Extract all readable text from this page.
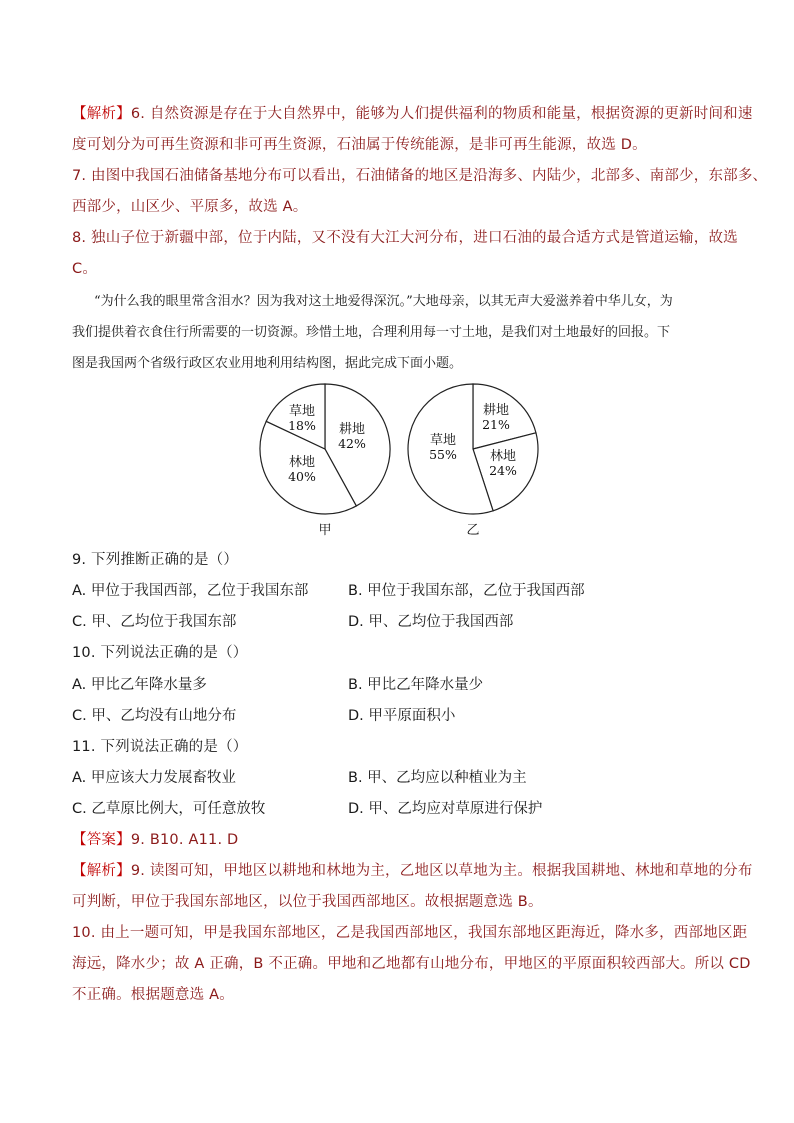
【解析】6. 自然资源是存在于大自然界中，能够为人们提供福利的物质和能量，根据资源的更新时间和速
度可划分为可再生资源和非可再生资源，石油属于传统能源，是非可再生能源，故选 D。
7. 由图中我国石油储备基地分布可以看出，石油储备的地区是沿海多、内陆少，北部多、南部少，东部多、
西部少，山区少、平原多，故选 A。
8. 独山子位于新疆中部，位于内陆，又不没有大江大河分布，进口石油的最合适方式是管道运输，故选
C。
“为什么我的眼里常含泪水？因为我对这土地爱得深沉。”大地母亲，以其无声大爱滋养着中华儿女，为
我们提供着衣食住行所需要的一切资源。珍惜土地，合理利用每一寸土地，是我们对土地最好的回报。下
图是我国两个省级行政区农业用地利用结构图，据此完成下面小题。
耕地
42%
林地
40%
草地
18%
甲
耕地
21%
林地
24%
草地
55%
乙
9. 下列推断正确的是（）
A. 甲位于我国西部，乙位于我国东部	B. 甲位于我国东部，乙位于我国西部
C. 甲、乙均位于我国东部	D. 甲、乙均位于我国西部
10. 下列说法正确的是（）
A. 甲比乙年降水量多	B. 甲比乙年降水量少
C. 甲、乙均没有山地分布	D. 甲平原面积小
11. 下列说法正确的是（）
A. 甲应该大力发展畜牧业	B. 甲、乙均应以种植业为主
C. 乙草原比例大，可任意放牧	D. 甲、乙均应对草原进行保护
【答案】9. B10. A11. D
【解析】9. 读图可知，甲地区以耕地和林地为主，乙地区以草地为主。根据我国耕地、林地和草地的分布
可判断，甲位于我国东部地区，以位于我国西部地区。故根据题意选 B。
10. 由上一题可知，甲是我国东部地区，乙是我国西部地区，我国东部地区距海近，降水多，西部地区距
海远，降水少；故 A 正确，B 不正确。甲地和乙地都有山地分布，甲地区的平原面积较西部大。所以 CD
不正确。根据题意选 A。
